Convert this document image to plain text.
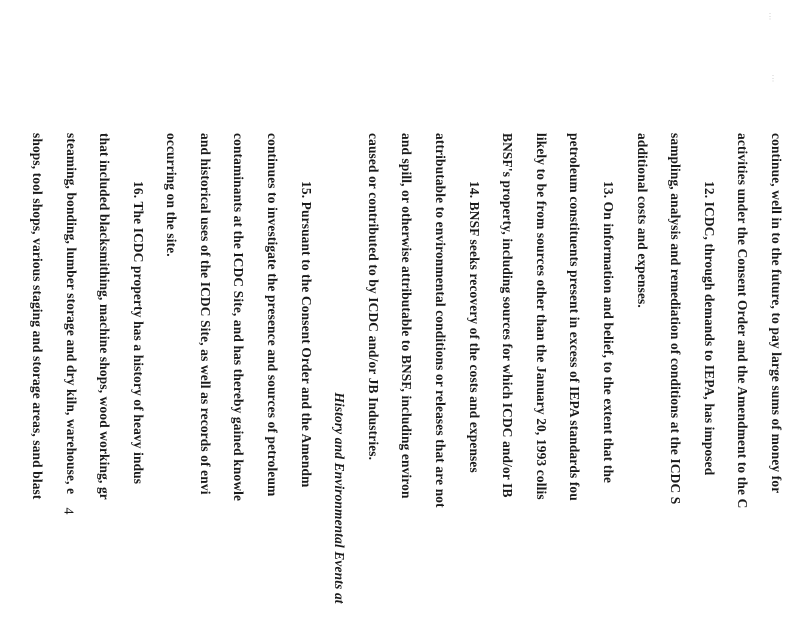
⋮
⋮
continue, well in to the future, to pay large sums of money for
activities under the Consent Order and the Amendment to the C
12. ICDC, through demands to IEPA, has imposed
sampling, analysis and remediation of conditions at the ICDC S
additional costs and expenses.
13. On information and belief, to the extent that the
petroleum constituents present in excess of IEPA standards fou
likely to be from sources other than the January 20, 1993 collis
BNSF's property, including sources for which ICDC and/or IB
14. BNSF seeks recovery of the costs and expenses
attributable to environmental conditions or releases that are not
and spill, or otherwise attributable to BNSF, including environ
caused or contributed to by ICDC and/or JB Industries.
History and Environmental Events at
15. Pursuant to the Consent Order and the Amendm
continues to investigate the presence and sources of petroleum
contaminants at the ICDC Site, and has thereby gained knowle
and historical uses of the ICDC Site, as well as records of envi
occurring on the site.
16. The ICDC property has a history of heavy indus
that included blacksmithing, machine shops, wood working, gr
steaming, bonding, lumber storage and dry kiln, warehouse, e
shops, tool shops, various staging and storage areas, sand blast
4
